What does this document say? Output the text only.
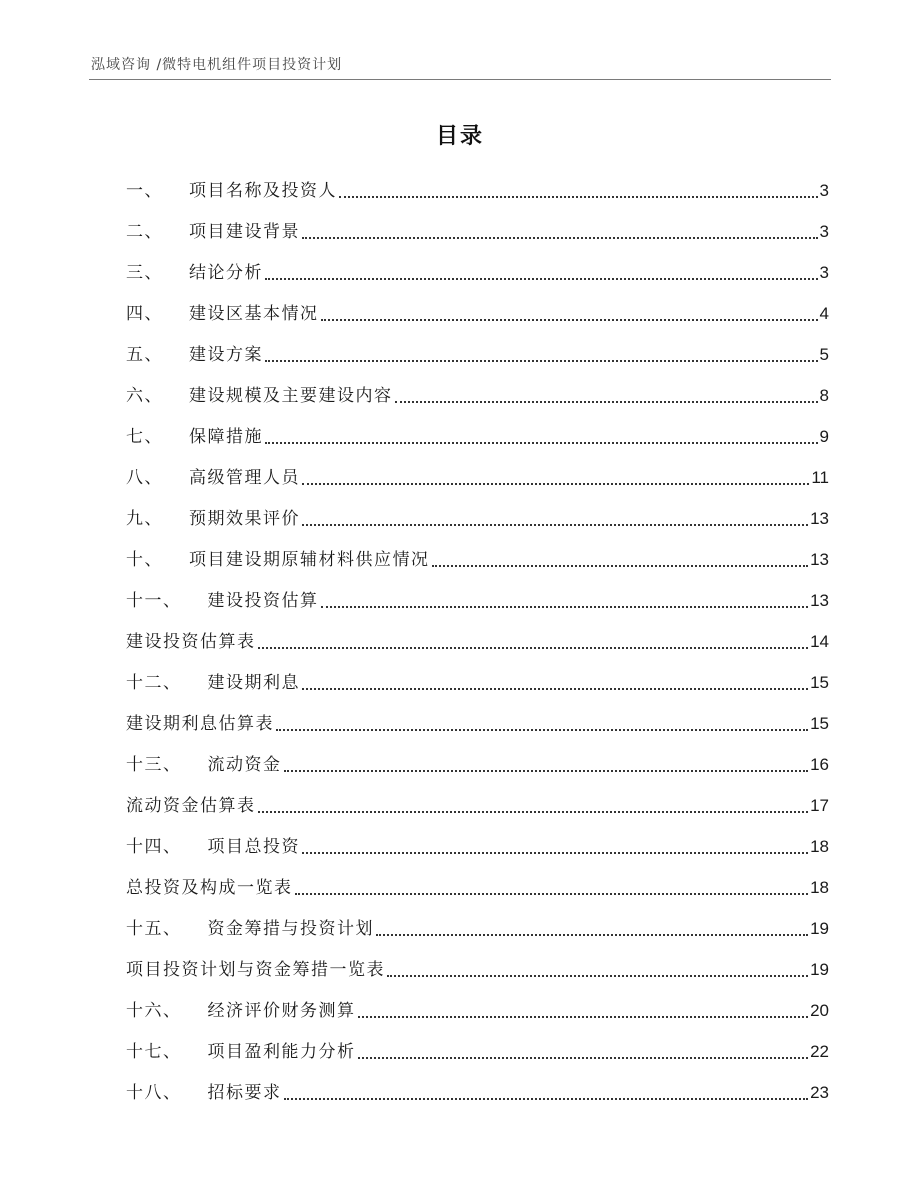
泓域咨询 /微特电机组件项目投资计划
目录
一、 项目名称及投资人	3
二、 项目建设背景	3
三、 结论分析	3
四、 建设区基本情况	4
五、 建设方案	5
六、 建设规模及主要建设内容	8
七、 保障措施	9
八、 高级管理人员	11
九、 预期效果评价	13
十、 项目建设期原辅材料供应情况	13
十一、 建设投资估算	13
建设投资估算表	14
十二、 建设期利息	15
建设期利息估算表	15
十三、 流动资金	16
流动资金估算表	17
十四、 项目总投资	18
总投资及构成一览表	18
十五、 资金筹措与投资计划	19
项目投资计划与资金筹措一览表	19
十六、 经济评价财务测算	20
十七、 项目盈利能力分析	22
十八、 招标要求	23
